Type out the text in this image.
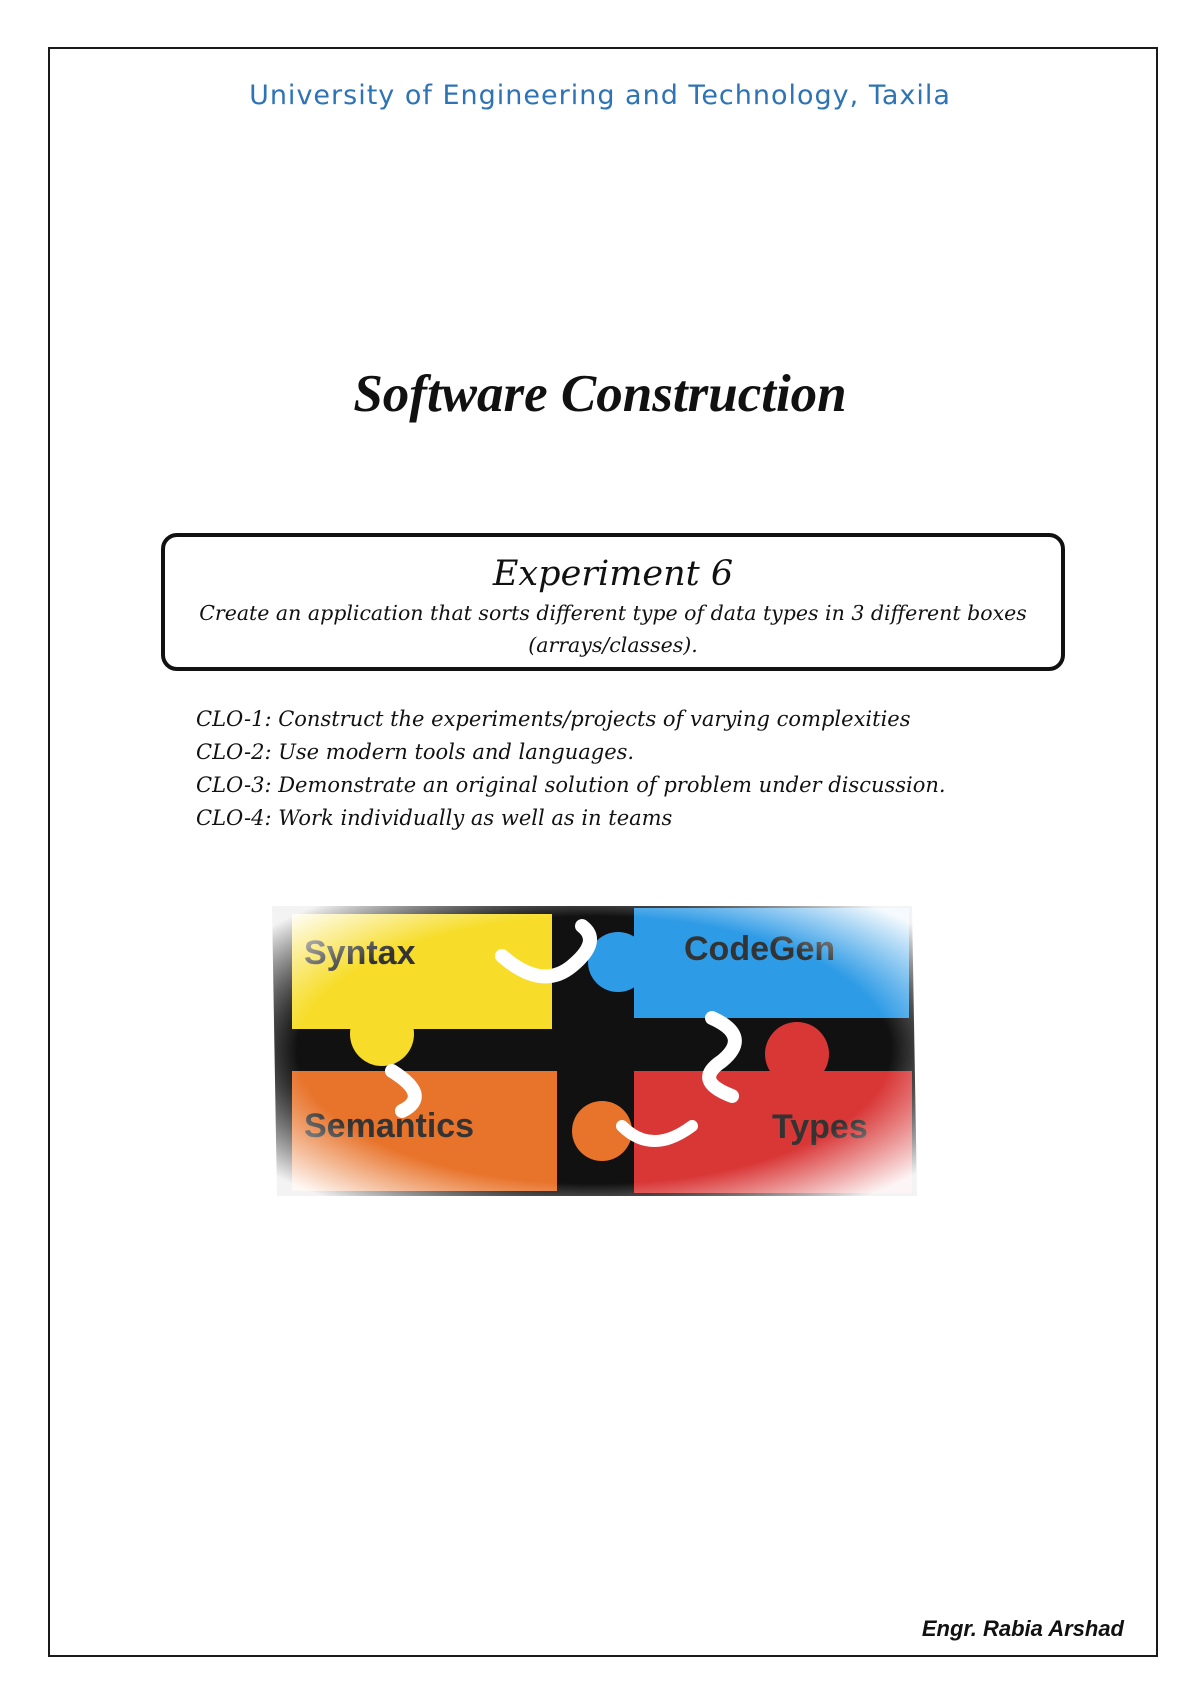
University of Engineering and Technology, Taxila
Software Construction
Experiment 6
Create an application that sorts different type of data types in 3 different boxes (arrays/classes).
CLO-1: Construct the experiments/projects of varying complexities
CLO-2: Use modern tools and languages.
CLO-3: Demonstrate an original solution of problem under discussion.
CLO-4: Work individually as well as in teams
Engr. Rabia Arshad
